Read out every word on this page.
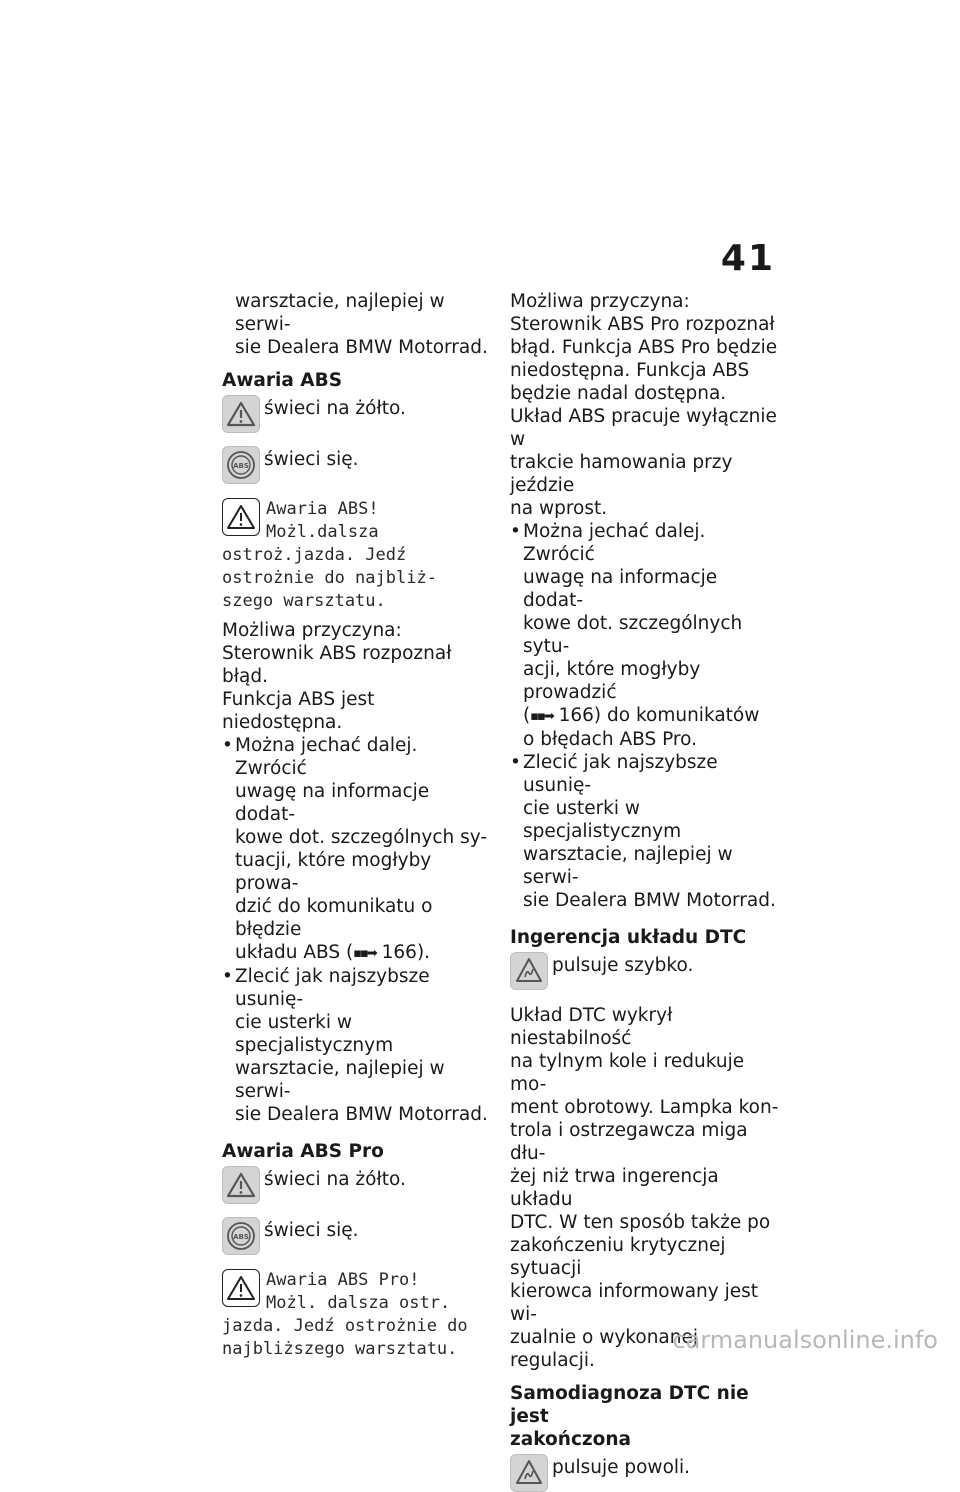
41

warsztacie, najlepiej w serwi-

sie Dealera BMW Motorrad.

Awaria ABS
świeci na żółto.
ABS świeci się.
Awaria ABS!
Możl.dalsza
ostroż.jazda. Jedź
ostrożnie do najbliż-
szego warsztatu.

Możliwa przyczyna:

Sterownik ABS rozpoznał błąd.

Funkcja ABS jest niedostępna.

• Można jechać dalej. Zwrócić

uwagę na informacje dodat-

kowe dot. szczególnych sy-

tuacji, które mogłyby prowa-

dzić do komunikatu o błędzie

układu ABS (▪▪➡ 166).

• Zlecić jak najszybsze usunię-

cie usterki w specjalistycznym

warsztacie, najlepiej w serwi-

sie Dealera BMW Motorrad.

Awaria ABS Pro
świeci na żółto.
ABS świeci się.
Awaria ABS Pro!
Możl. dalsza ostr.
jazda. Jedź ostrożnie do
najbliższego warsztatu.

Możliwa przyczyna:

Sterownik ABS Pro rozpoznał

błąd. Funkcja ABS Pro będzie

niedostępna. Funkcja ABS

będzie nadal dostępna.

Układ ABS pracuje wyłącznie w

trakcie hamowania przy jeździe

na wprost.

• Można jechać dalej. Zwrócić

uwagę na informacje dodat-

kowe dot. szczególnych sytu-

acji, które mogłyby prowadzić

(▪▪➡ 166) do komunikatów

o błędach ABS Pro.

• Zlecić jak najszybsze usunię-

cie usterki w specjalistycznym

warsztacie, najlepiej w serwi-

sie Dealera BMW Motorrad.

Ingerencja układu DTC
pulsuje szybko.

Układ DTC wykrył niestabilność

na tylnym kole i redukuje mo-

ment obrotowy. Lampka kon-

trola i ostrzegawcza miga dłu-

żej niż trwa ingerencja układu

DTC. W ten sposób także po

zakończeniu krytycznej sytuacji

kierowca informowany jest wi-

zualnie o wykonanej regulacji.

Samodiagnoza DTC nie jest
zakończona
pulsuje powoli.
carmanualsonline.info
